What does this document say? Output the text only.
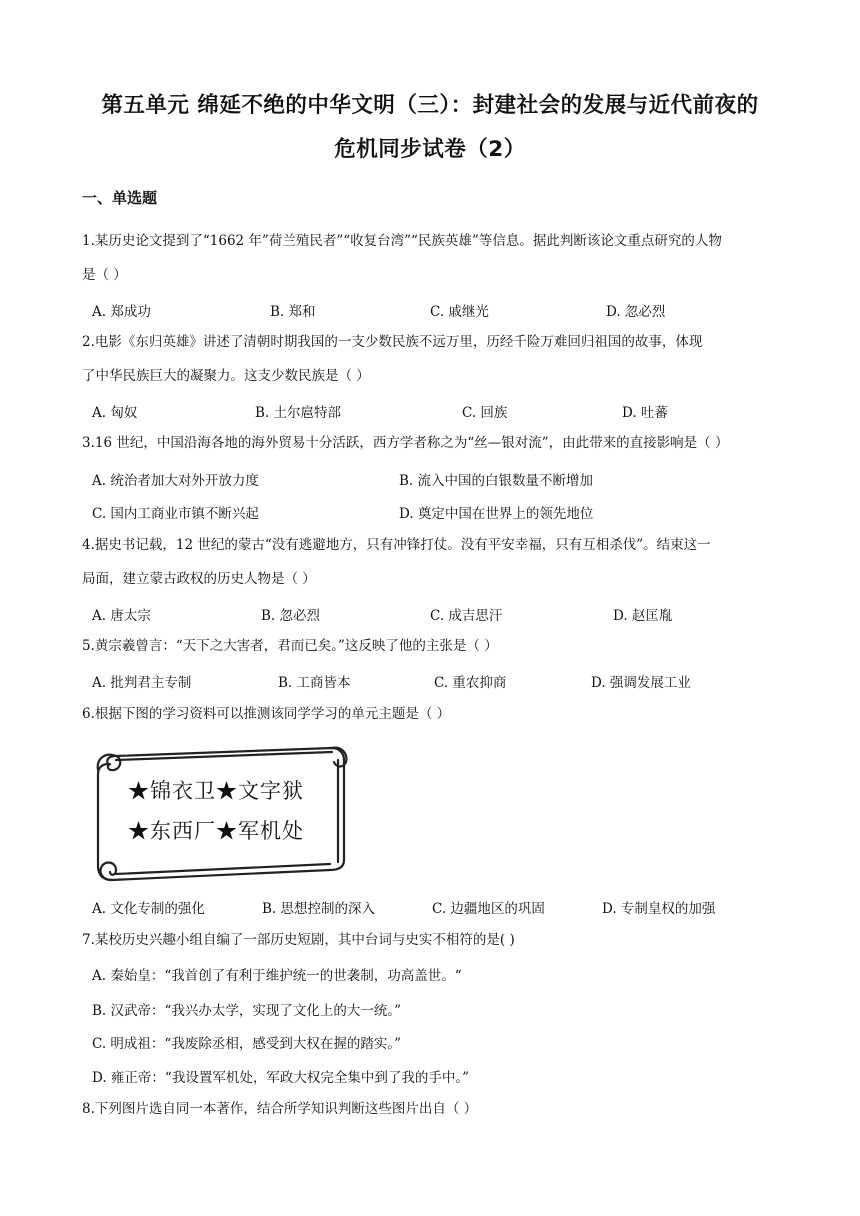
第五单元 绵延不绝的中华文明（三）：封建社会的发展与近代前夜的
危机同步试卷（2）
一、单选题
1.某历史论文提到了“1662 年”荷兰殖民者”“收复台湾”“民族英雄”等信息。据此判断该论文重点研究的人物
是（ ）
A. 郑成功	B. 郑和	C. 戚继光	D. 忽必烈
2.电影《东归英雄》讲述了清朝时期我国的一支少数民族不远万里，历经千险万难回归祖国的故事，体现
了中华民族巨大的凝聚力。这支少数民族是（ ）
A. 匈奴	B. 土尔扈特部	C. 回族	D. 吐蕃
3.16 世纪，中国沿海各地的海外贸易十分活跃，西方学者称之为“丝—银对流”，由此带来的直接影响是（ ）
A. 统治者加大对外开放力度	B. 流入中国的白银数量不断增加
C. 国内工商业市镇不断兴起	D. 奠定中国在世界上的领先地位
4.据史书记载，12 世纪的蒙古“没有逃避地方，只有冲锋打仗。没有平安幸福，只有互相杀伐”。结束这一
局面，建立蒙古政权的历史人物是（ ）
A. 唐太宗	B. 忽必烈	C. 成吉思汗	D. 赵匡胤
5.黄宗羲曾言：“天下之大害者，君而已矣。”这反映了他的主张是（ ）
A. 批判君主专制	B. 工商皆本	C. 重农抑商	D. 强调发展工业
6.根据下图的学习资料可以推测该同学学习的单元主题是（ ）
★锦衣卫★文字狱
★东西厂★军机处
A. 文化专制的强化	B. 思想控制的深入	C. 边疆地区的巩固	D. 专制皇权的加强
7.某校历史兴趣小组自编了一部历史短剧，其中台词与史实不相符的是( )
A. 秦始皇：“我首创了有利于维护统一的世袭制，功高盖世。“
B. 汉武帝：“我兴办太学，实现了文化上的大一统。”
C. 明成祖：“我废除丞相，感受到大权在握的踏实。”
D. 雍正帝：“我设置军机处，军政大权完全集中到了我的手中。”
8.下列图片选自同一本著作，结合所学知识判断这些图片出自（ ）
